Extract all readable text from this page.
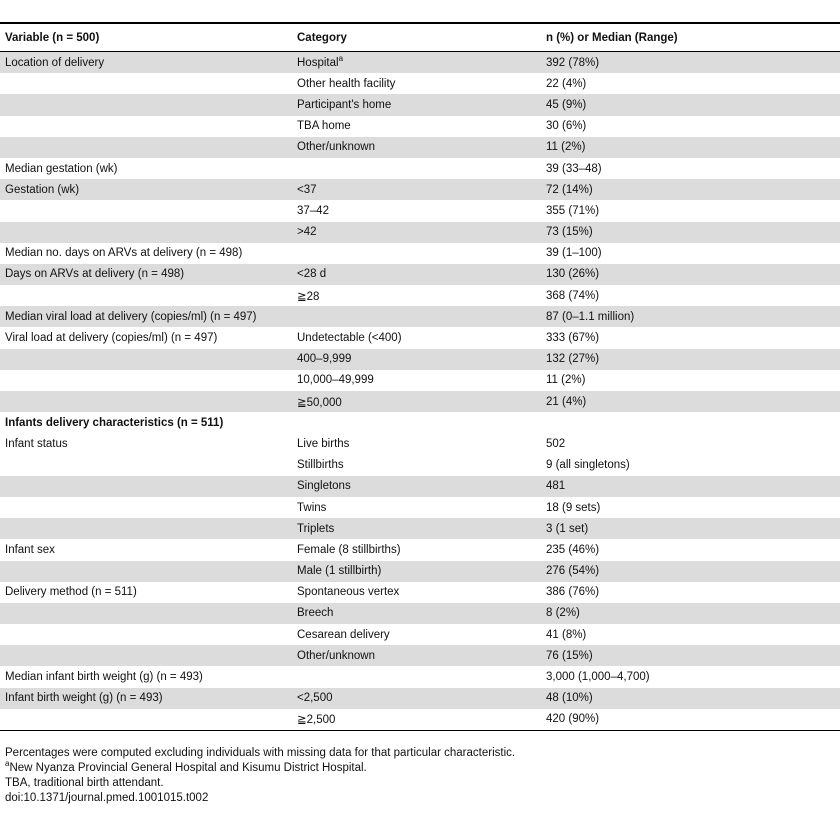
Variable (n = 500)	Category	n (%) or Median (Range)
Location of delivery	Hospital$^a$	392 (78%)
	Other health facility	22 (4%)
	Participant's home	45 (9%)
	TBA home	30 (6%)
	Other/unknown	11 (2%)
Median gestation (wk)		39 (33–48)
Gestation (wk)	<37	72 (14%)
	37–42	355 (71%)
	>42	73 (15%)
Median no. days on ARVs at delivery (n = 498)		39 (1–100)
Days on ARVs at delivery (n = 498)	<28 d	130 (26%)
	≧28	368 (74%)
Median viral load at delivery (copies/ml) (n = 497)		87 (0–1.1 million)
Viral load at delivery (copies/ml) (n = 497)	Undetectable (<400)	333 (67%)
	400–9,999	132 (27%)
	10,000–49,999	11 (2%)
	≧50,000	21 (4%)
Infants delivery characteristics (n = 511)		
Infant status	Live births	502
	Stillbirths	9 (all singletons)
	Singletons	481
	Twins	18 (9 sets)
	Triplets	3 (1 set)
Infant sex	Female (8 stillbirths)	235 (46%)
	Male (1 stillbirth)	276 (54%)
Delivery method (n = 511)	Spontaneous vertex	386 (76%)
	Breech	8 (2%)
	Cesarean delivery	41 (8%)
	Other/unknown	76 (15%)
Median infant birth weight (g) (n = 493)		3,000 (1,000–4,700)
Infant birth weight (g) (n = 493)	<2,500	48 (10%)
	≧2,500	420 (90%)
Percentages were computed excluding individuals with missing data for that particular characteristic.
$^a$New Nyanza Provincial General Hospital and Kisumu District Hospital.
TBA, traditional birth attendant.
doi:10.1371/journal.pmed.1001015.t002
